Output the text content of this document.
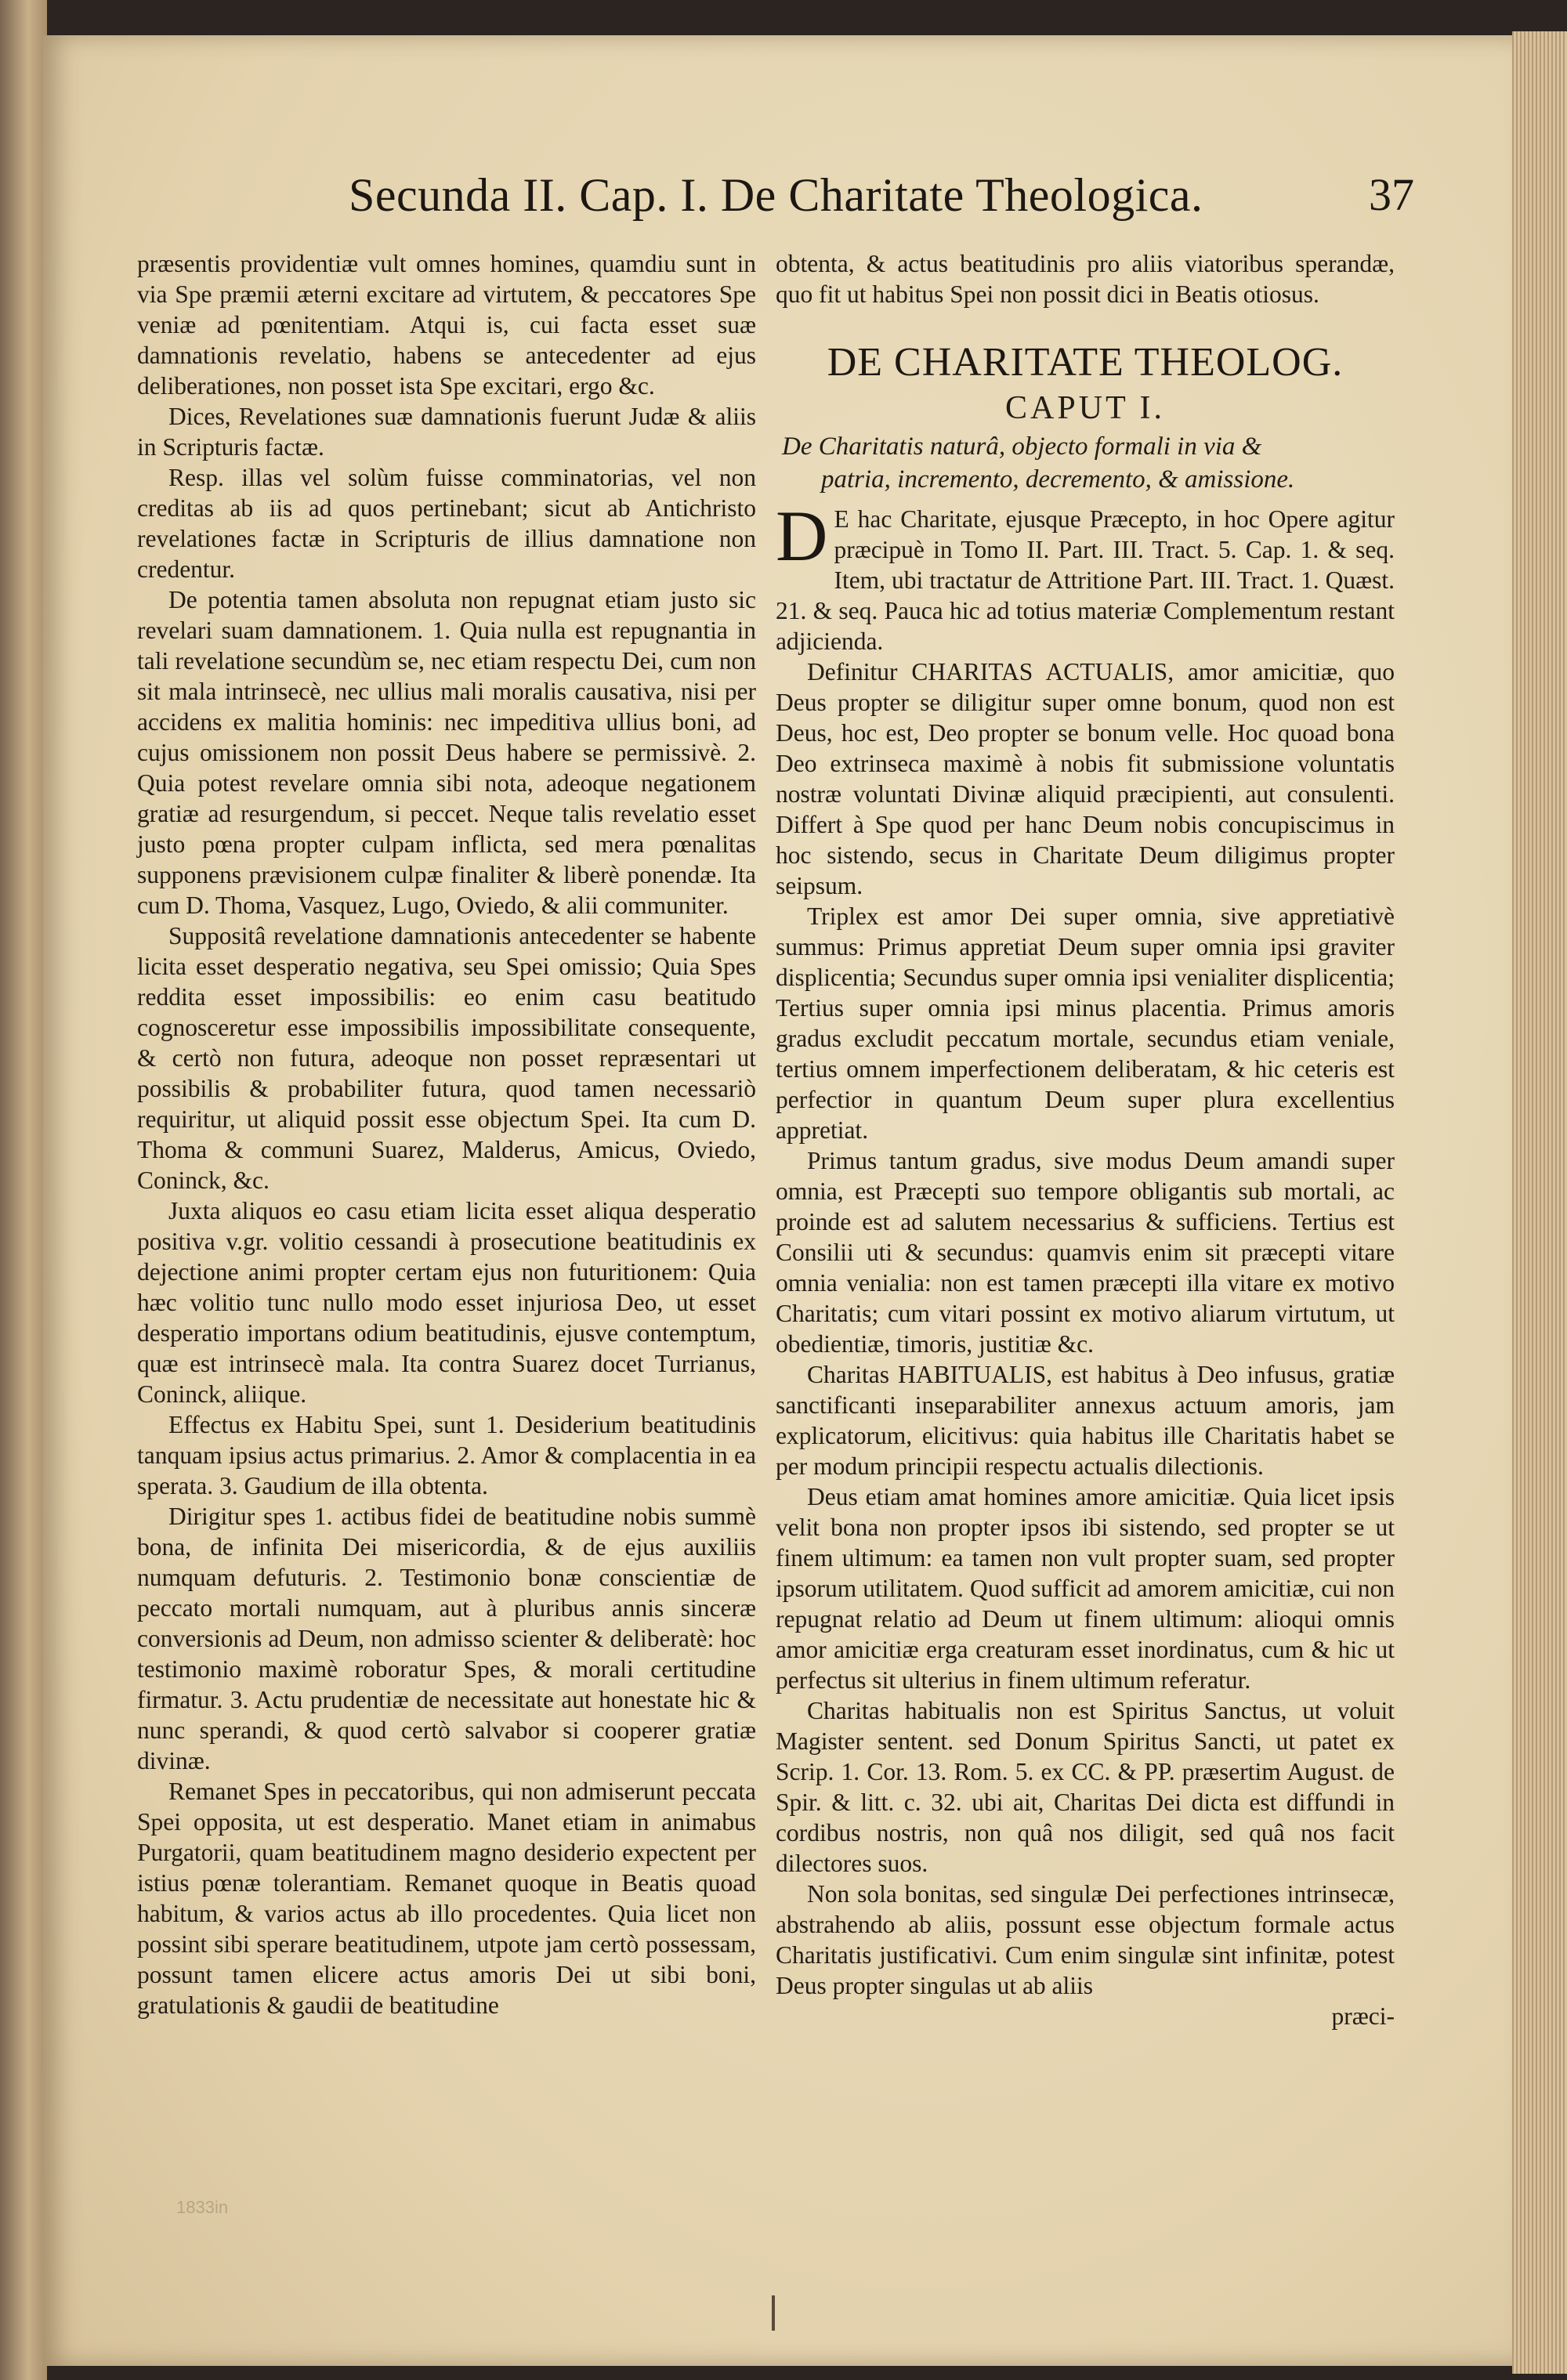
Secunda II. Cap. I. De Charitate Theologica.	37

præsentis providentiæ vult omnes homines, quamdiu sunt in via Spe præmii æterni excitare ad virtutem, & peccatores Spe veniæ ad pœnitentiam. Atqui is, cui facta esset suæ damnationis revelatio, habens se antecedenter ad ejus deliberationes, non posset ista Spe excitari, ergo &c.

Dices, Revelationes suæ damnationis fuerunt Judæ & aliis in Scripturis factæ.

Resp. illas vel solùm fuisse comminatorias, vel non creditas ab iis ad quos pertinebant; sicut ab Antichristo revelationes factæ in Scripturis de illius damnatione non credentur.

De potentia tamen absoluta non repugnat etiam justo sic revelari suam damnationem. 1. Quia nulla est repugnantia in tali revelatione secundùm se, nec etiam respectu Dei, cum non sit mala intrinsecè, nec ullius mali moralis causativa, nisi per accidens ex malitia hominis: nec impeditiva ullius boni, ad cujus omissionem non possit Deus habere se permissivè. 2. Quia potest revelare omnia sibi nota, adeoque negationem gratiæ ad resurgendum, si peccet. Neque talis revelatio esset justo pœna propter culpam inflicta, sed mera pœnalitas supponens prævisionem culpæ finaliter & liberè ponendæ. Ita cum D. Thoma, Vasquez, Lugo, Oviedo, & alii communiter.

Suppositâ revelatione damnationis antecedenter se habente licita esset desperatio negativa, seu Spei omissio; Quia Spes reddita esset impossibilis: eo enim casu beatitudo cognosceretur esse impossibilis impossibilitate consequente, & certò non futura, adeoque non posset repræsentari ut possibilis & probabiliter futura, quod tamen necessariò requiritur, ut aliquid possit esse objectum Spei. Ita cum D. Thoma & communi Suarez, Malderus, Amicus, Oviedo, Coninck, &c.

Juxta aliquos eo casu etiam licita esset aliqua desperatio positiva v.gr. volitio cessandi à prosecutione beatitudinis ex dejectione animi propter certam ejus non futuritionem: Quia hæc volitio tunc nullo modo esset injuriosa Deo, ut esset desperatio importans odium beatitudinis, ejusve contemptum, quæ est intrinsecè mala. Ita contra Suarez docet Turrianus, Coninck, aliique.

Effectus ex Habitu Spei, sunt 1. Desiderium beatitudinis tanquam ipsius actus primarius. 2. Amor & complacentia in ea sperata. 3. Gaudium de illa obtenta.

Dirigitur spes 1. actibus fidei de beatitudine nobis summè bona, de infinita Dei misericordia, & de ejus auxiliis numquam defuturis. 2. Testimonio bonæ conscientiæ de peccato mortali numquam, aut à pluribus annis sinceræ conversionis ad Deum, non admisso scienter & deliberatè: hoc testimonio maximè roboratur Spes, & morali certitudine firmatur. 3. Actu prudentiæ de necessitate aut honestate hic & nunc sperandi, & quod certò salvabor si cooperer gratiæ divinæ.

Remanet Spes in peccatoribus, qui non admiserunt peccata Spei opposita, ut est desperatio. Manet etiam in animabus Purgatorii, quam beatitudinem magno desiderio expectent per istius pœnæ tolerantiam. Remanet quoque in Beatis quoad habitum, & varios actus ab illo procedentes. Quia licet non possint sibi sperare beatitudinem, utpote jam certò possessam, possunt tamen elicere actus amoris Dei ut sibi boni, gratulationis & gaudii de beatitudine

obtenta, & actus beatitudinis pro aliis viatoribus sperandæ, quo fit ut habitus Spei non possit dici in Beatis otiosus.

DE CHARITATE THEOLOG.
CAPUT I.
De Charitatis naturâ, objecto formali in via &
patria, incremento, decremento, & amissione.

D E hac Charitate, ejusque Præcepto, in hoc Opere agitur præcipuè in Tomo II. Part. III. Tract. 5. Cap. 1. & seq. Item, ubi tractatur de Attritione Part. III. Tract. 1. Quæst. 21. & seq. Pauca hic ad totius materiæ Complementum restant adjicienda.

Definitur CHARITAS ACTUALIS, amor amicitiæ, quo Deus propter se diligitur super omne bonum, quod non est Deus, hoc est, Deo propter se bonum velle. Hoc quoad bona Deo extrinseca maximè à nobis fit submissione voluntatis nostræ voluntati Divinæ aliquid præcipienti, aut consulenti. Differt à Spe quod per hanc Deum nobis concupiscimus in hoc sistendo, secus in Charitate Deum diligimus propter seipsum.

Triplex est amor Dei super omnia, sive appretiativè summus: Primus appretiat Deum super omnia ipsi graviter displicentia; Secundus super omnia ipsi venialiter displicentia; Tertius super omnia ipsi minus placentia. Primus amoris gradus excludit peccatum mortale, secundus etiam veniale, tertius omnem imperfectionem deliberatam, & hic ceteris est perfectior in quantum Deum super plura excellentius appretiat.

Primus tantum gradus, sive modus Deum amandi super omnia, est Præcepti suo tempore obligantis sub mortali, ac proinde est ad salutem necessarius & sufficiens. Tertius est Consilii uti & secundus: quamvis enim sit præcepti vitare omnia venialia: non est tamen præcepti illa vitare ex motivo Charitatis; cum vitari possint ex motivo aliarum virtutum, ut obedientiæ, timoris, justitiæ &c.

Charitas HABITUALIS, est habitus à Deo infusus, gratiæ sanctificanti inseparabiliter annexus actuum amoris, jam explicatorum, elicitivus: quia habitus ille Charitatis habet se per modum principii respectu actualis dilectionis.

Deus etiam amat homines amore amicitiæ. Quia licet ipsis velit bona non propter ipsos ibi sistendo, sed propter se ut finem ultimum: ea tamen non vult propter suam, sed propter ipsorum utilitatem. Quod sufficit ad amorem amicitiæ, cui non repugnat relatio ad Deum ut finem ultimum: alioqui omnis amor amicitiæ erga creaturam esset inordinatus, cum & hic ut perfectus sit ulterius in finem ultimum referatur.

Charitas habitualis non est Spiritus Sanctus, ut voluit Magister sentent. sed Donum Spiritus Sancti, ut patet ex Scrip. 1. Cor. 13. Rom. 5. ex CC. & PP. præsertim August. de Spir. & litt. c. 32. ubi ait, Charitas Dei dicta est diffundi in cordibus nostris, non quâ nos diligit, sed quâ nos facit dilectores suos.

Non sola bonitas, sed singulæ Dei perfectiones intrinsecæ, abstrahendo ab aliis, possunt esse objectum formale actus Charitatis justificativi. Cum enim singulæ sint infinitæ, potest Deus propter singulas ut ab aliis

præci-
1833in
